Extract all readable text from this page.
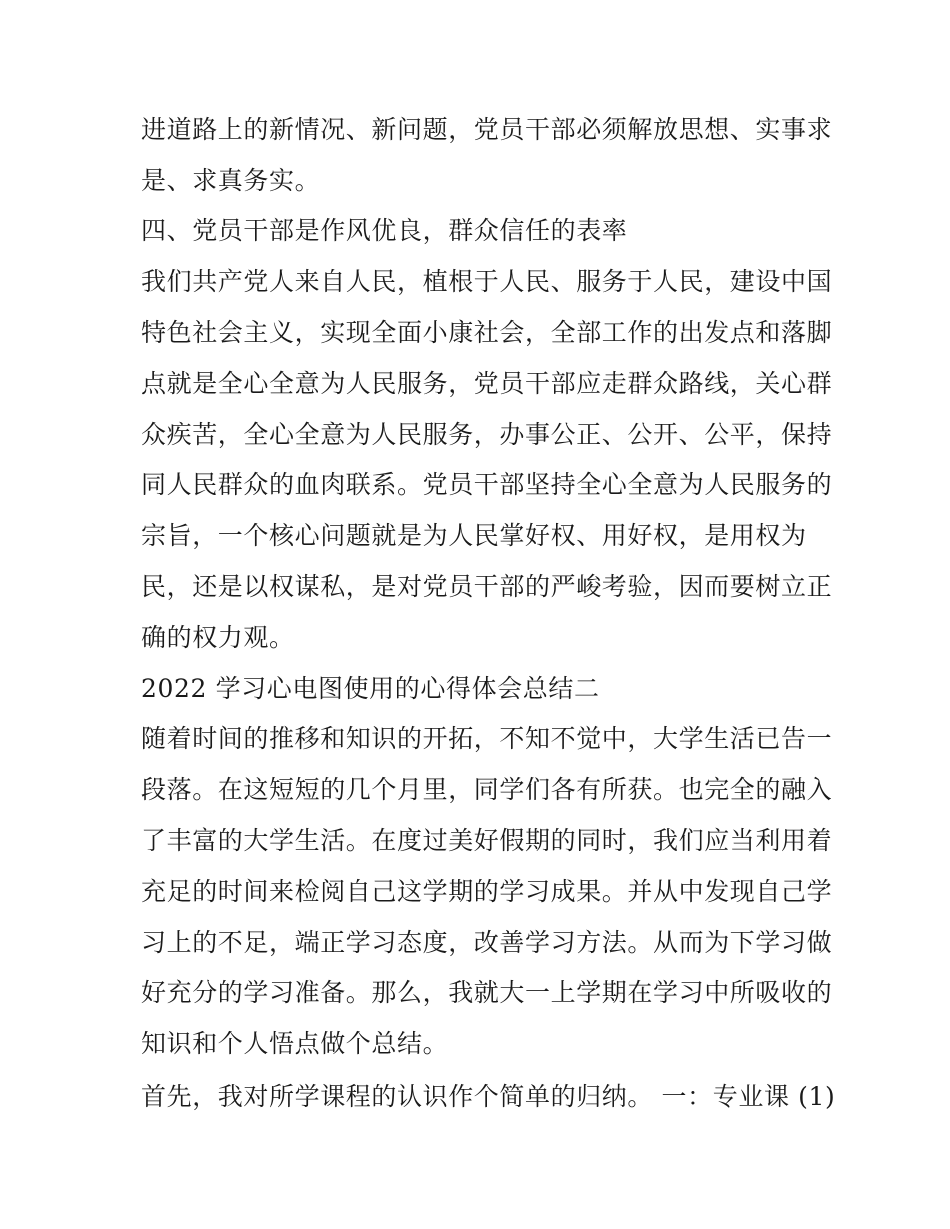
进道路上的新情况、新问题，党员干部必须解放思想、实事求
是、求真务实。
四、党员干部是作风优良，群众信任的表率
我们共产党人来自人民，植根于人民、服务于人民，建设中国
特色社会主义，实现全面小康社会，全部工作的出发点和落脚
点就是全心全意为人民服务，党员干部应走群众路线，关心群
众疾苦，全心全意为人民服务，办事公正、公开、公平，保持
同人民群众的血肉联系。党员干部坚持全心全意为人民服务的
宗旨，一个核心问题就是为人民掌好权、用好权，是用权为
民，还是以权谋私，是对党员干部的严峻考验，因而要树立正
确的权力观。
2022 学习心电图使用的心得体会总结二
随着时间的推移和知识的开拓，不知不觉中，大学生活已告一
段落。在这短短的几个月里，同学们各有所获。也完全的融入
了丰富的大学生活。在度过美好假期的同时，我们应当利用着
充足的时间来检阅自己这学期的学习成果。并从中发现自己学
习上的不足，端正学习态度，改善学习方法。从而为下学习做
好充分的学习准备。那么，我就大一上学期在学习中所吸收的
知识和个人悟点做个总结。
首先，我对所学课程的认识作个简单的归纳。 一：专业课 (1)
